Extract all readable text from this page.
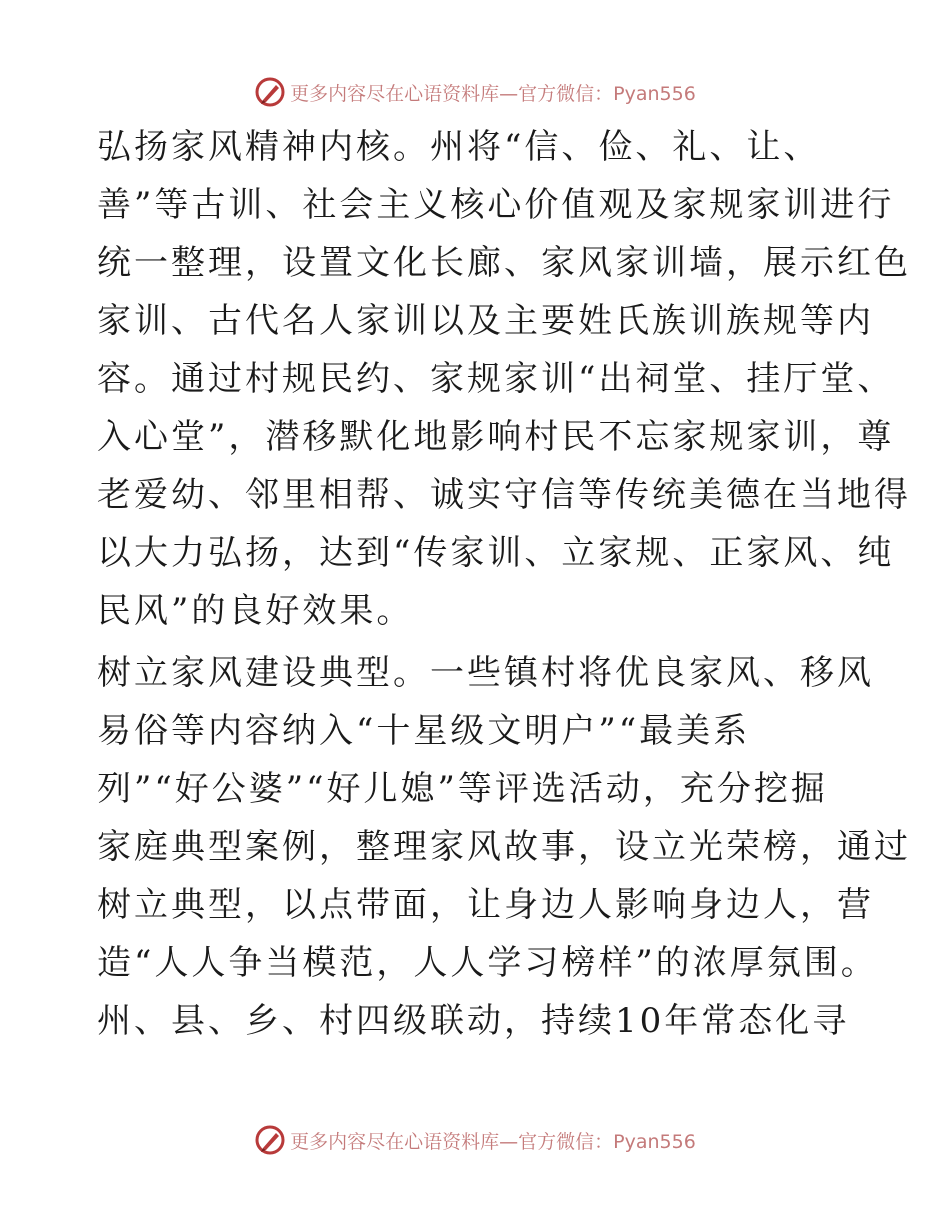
更多内容尽在心语资料库—官方微信：Pyan556

弘扬家风精神内核。州将“信、俭、礼、让、
善”等古训、社会主义核心价值观及家规家训进行
统一整理，设置文化长廊、家风家训墙，展示红色
家训、古代名人家训以及主要姓氏族训族规等内
容。通过村规民约、家规家训“出祠堂、挂厅堂、
入心堂”，潜移默化地影响村民不忘家规家训，尊
老爱幼、邻里相帮、诚实守信等传统美德在当地得
以大力弘扬，达到“传家训、立家规、正家风、纯
民风”的良好效果。

树立家风建设典型。一些镇村将优良家风、移风
易俗等内容纳入“十星级文明户”“最美系
列”“好公婆”“好儿媳”等评选活动，充分挖掘
家庭典型案例，整理家风故事，设立光荣榜，通过
树立典型，以点带面，让身边人影响身边人，营
造“人人争当模范，人人学习榜样”的浓厚氛围。
州、县、乡、村四级联动，持续10年常态化寻

更多内容尽在心语资料库—官方微信：Pyan556
